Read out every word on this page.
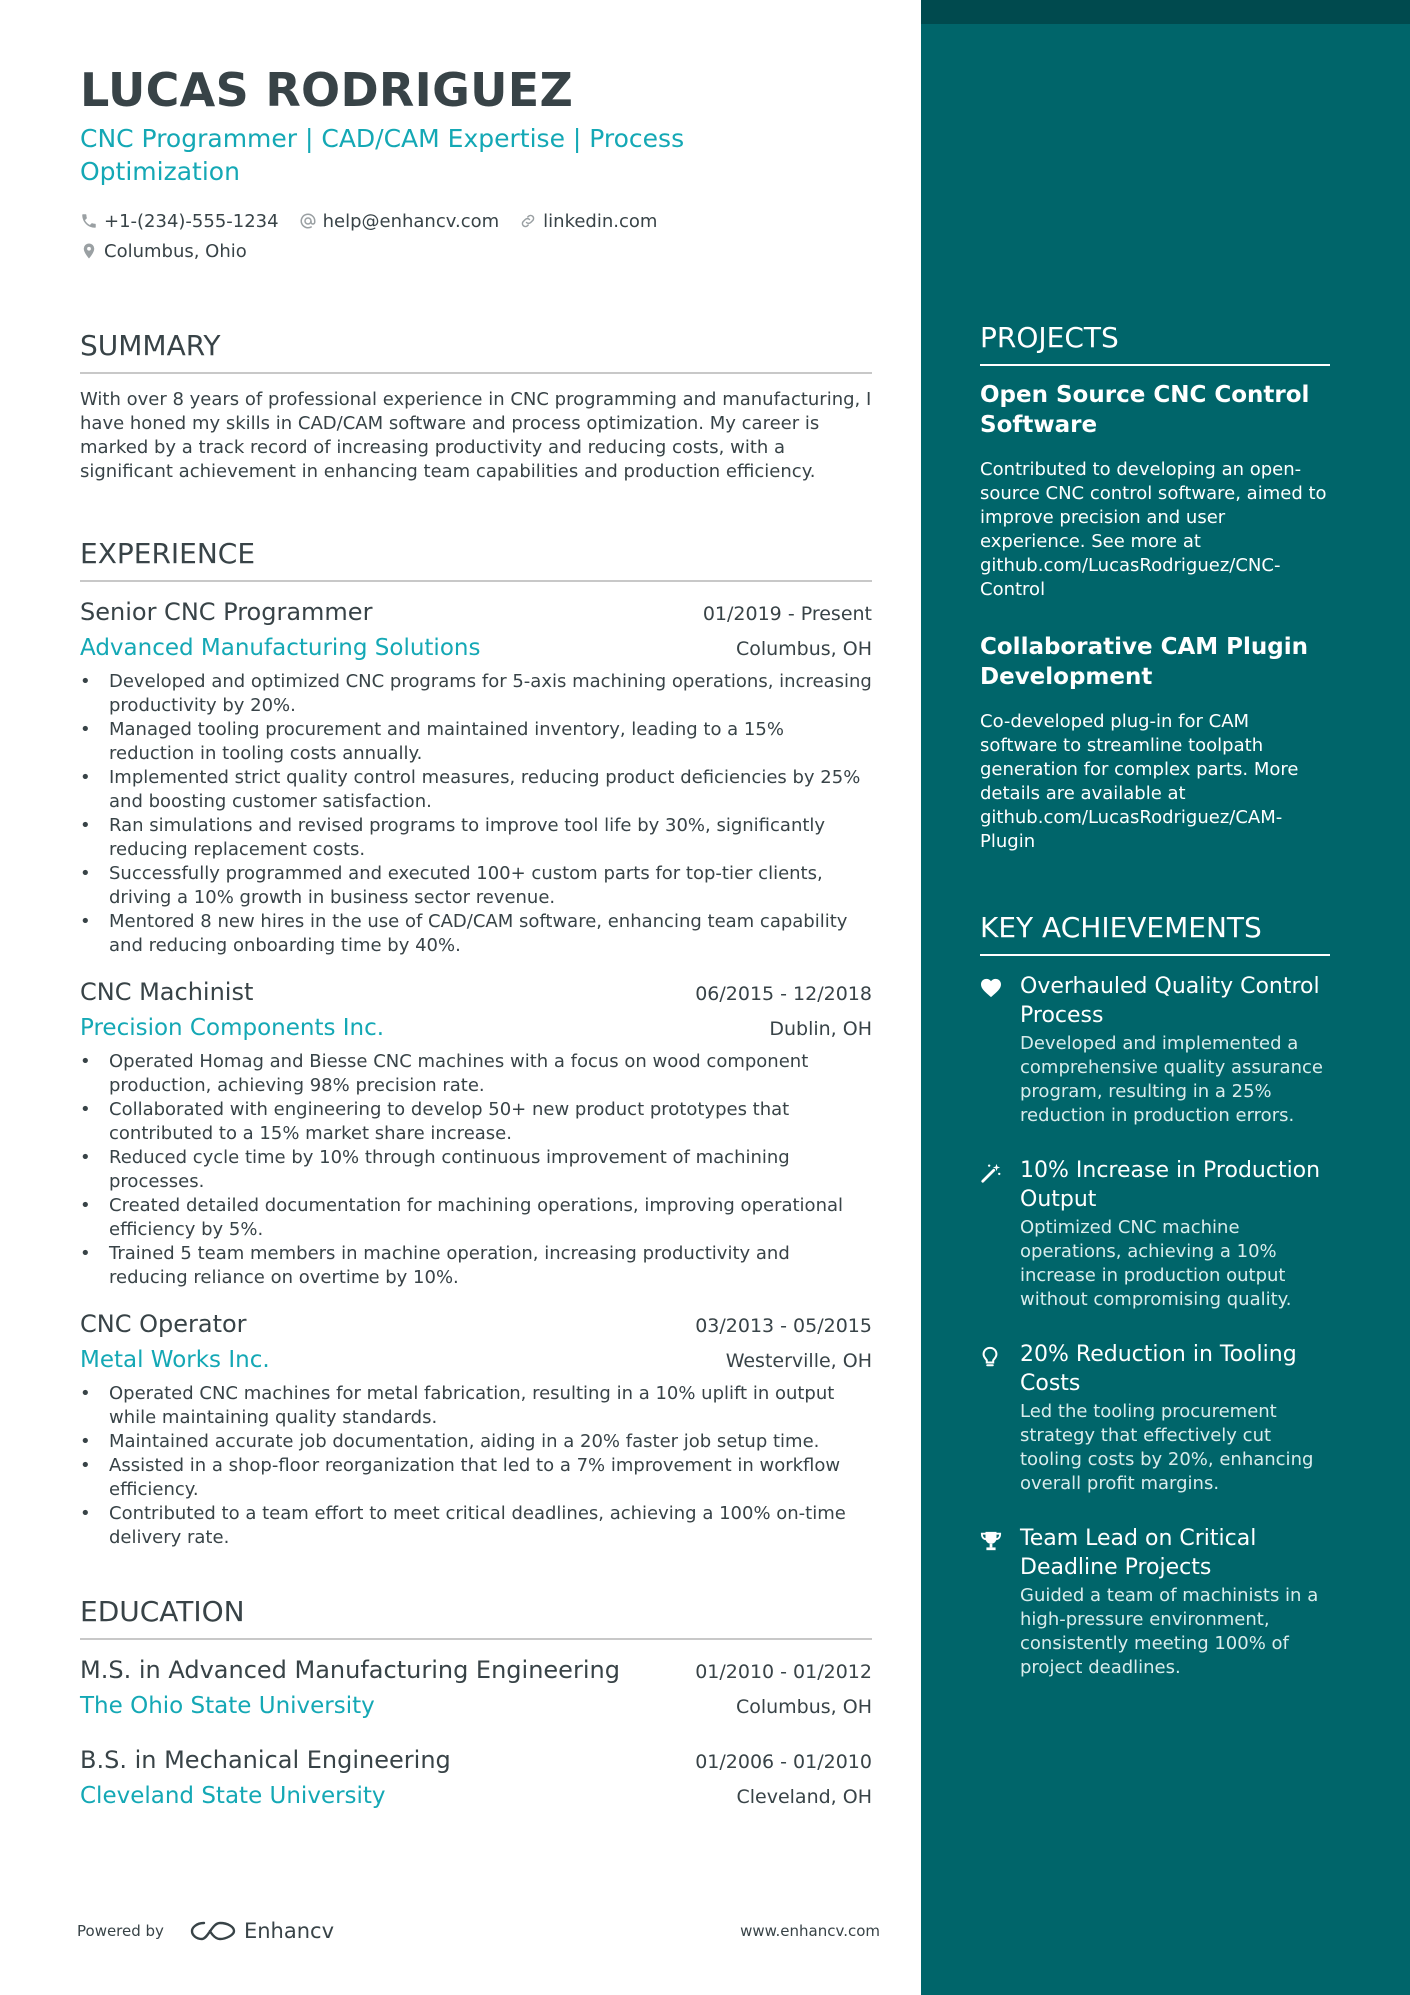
LUCAS RODRIGUEZ
CNC Programmer | CAD/CAM Expertise | Process Optimization
+1-(234)-555-1234 help@enhancv.com linkedin.com
Columbus, Ohio
SUMMARY
With over 8 years of professional experience in CNC programming and manufacturing, I have honed my skills in CAD/CAM software and process optimization. My career is marked by a track record of increasing productivity and reducing costs, with a significant achievement in enhancing team capabilities and production efficiency.
EXPERIENCE
Senior CNC Programmer	01/2019 - Present
Advanced Manufacturing Solutions	Columbus, OH
• Developed and optimized CNC programs for 5-axis machining operations, increasing productivity by 20%.
• Managed tooling procurement and maintained inventory, leading to a 15% reduction in tooling costs annually.
• Implemented strict quality control measures, reducing product deficiencies by 25% and boosting customer satisfaction.
• Ran simulations and revised programs to improve tool life by 30%, significantly reducing replacement costs.
• Successfully programmed and executed 100+ custom parts for top-tier clients, driving a 10% growth in business sector revenue.
• Mentored 8 new hires in the use of CAD/CAM software, enhancing team capability and reducing onboarding time by 40%.
CNC Machinist	06/2015 - 12/2018
Precision Components Inc.	Dublin, OH
• Operated Homag and Biesse CNC machines with a focus on wood component production, achieving 98% precision rate.
• Collaborated with engineering to develop 50+ new product prototypes that contributed to a 15% market share increase.
• Reduced cycle time by 10% through continuous improvement of machining processes.
• Created detailed documentation for machining operations, improving operational efficiency by 5%.
• Trained 5 team members in machine operation, increasing productivity and reducing reliance on overtime by 10%.
CNC Operator	03/2013 - 05/2015
Metal Works Inc.	Westerville, OH
• Operated CNC machines for metal fabrication, resulting in a 10% uplift in output while maintaining quality standards.
• Maintained accurate job documentation, aiding in a 20% faster job setup time.
• Assisted in a shop-floor reorganization that led to a 7% improvement in workflow efficiency.
• Contributed to a team effort to meet critical deadlines, achieving a 100% on-time delivery rate.
EDUCATION
M.S. in Advanced Manufacturing Engineering	01/2010 - 01/2012
The Ohio State University	Columbus, OH
B.S. in Mechanical Engineering	01/2006 - 01/2010
Cleveland State University	Cleveland, OH
Powered by	Enhancv	www.enhancv.com
PROJECTS
Open Source CNC Control Software
Contributed to developing an open-source CNC control software, aimed to improve precision and user experience. See more at github.com/LucasRodriguez/CNC-Control
Collaborative CAM Plugin Development
Co-developed plug-in for CAM software to streamline toolpath generation for complex parts. More details are available at github.com/LucasRodriguez/CAM-Plugin
KEY ACHIEVEMENTS
Overhauled Quality Control Process
Developed and implemented a comprehensive quality assurance program, resulting in a 25% reduction in production errors.
10% Increase in Production Output
Optimized CNC machine operations, achieving a 10% increase in production output without compromising quality.
20% Reduction in Tooling Costs
Led the tooling procurement strategy that effectively cut tooling costs by 20%, enhancing overall profit margins.
Team Lead on Critical Deadline Projects
Guided a team of machinists in a high-pressure environment, consistently meeting 100% of project deadlines.
